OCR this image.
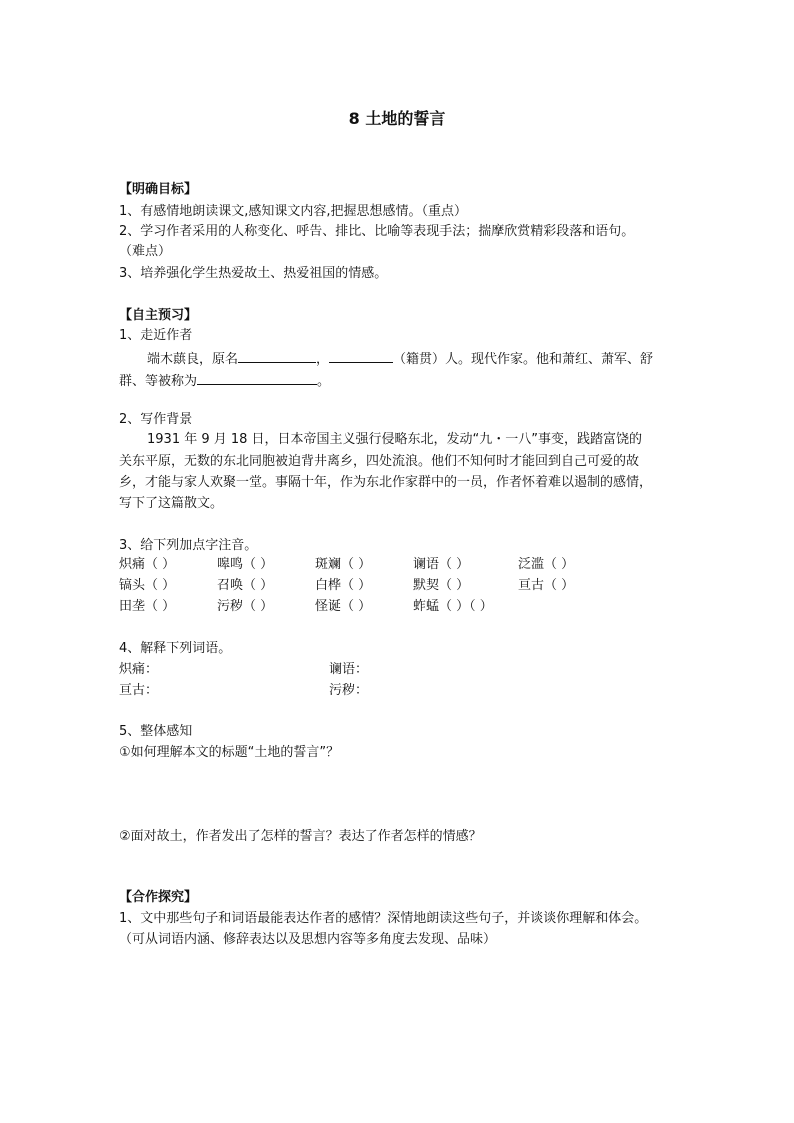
8 土地的誓言
【明确目标】
1、有感情地朗读课文,感知课文内容,把握思想感情。（重点）
2、学习作者采用的人称变化、呼告、排比、比喻等表现手法；揣摩欣赏精彩段落和语句。
（难点）
3、培养强化学生热爱故土、热爱祖国的情感。
【自主预习】
1、走近作者
端木蕻良，原名	，	（籍贯）人。现代作家。他和萧红、萧军、舒
群、等被称为	。
2、写作背景
1931 年 9 月 18 日，日本帝国主义强行侵略东北，发动“九・一八”事变，践踏富饶的
关东平原，无数的东北同胞被迫背井离乡，四处流浪。他们不知何时才能回到自己可爱的故
乡，才能与家人欢聚一堂。事隔十年，作为东北作家群中的一员，作者怀着难以遏制的感情，
写下了这篇散文。
3、给下列加点字注音。
炽痛（ ）	嗥鸣（ ）	斑斓（ ）	谰语（ ）	泛滥（ ）
镐头（ ）	召唤（ ）	白桦（ ）	默契（ ）	亘古（ ）
田垄（ ）	污秽（ ）	怪诞（ ）	蚱蜢（ ）（ ）
4、解释下列词语。
炽痛：	谰语：
亘古：	污秽：
5、整体感知
①如何理解本文的标题“土地的誓言”？
②面对故土，作者发出了怎样的誓言？表达了作者怎样的情感？
【合作探究】
1、文中那些句子和词语最能表达作者的感情？深情地朗读这些句子，并谈谈你理解和体会。
（可从词语内涵、修辞表达以及思想内容等多角度去发现、品味）
